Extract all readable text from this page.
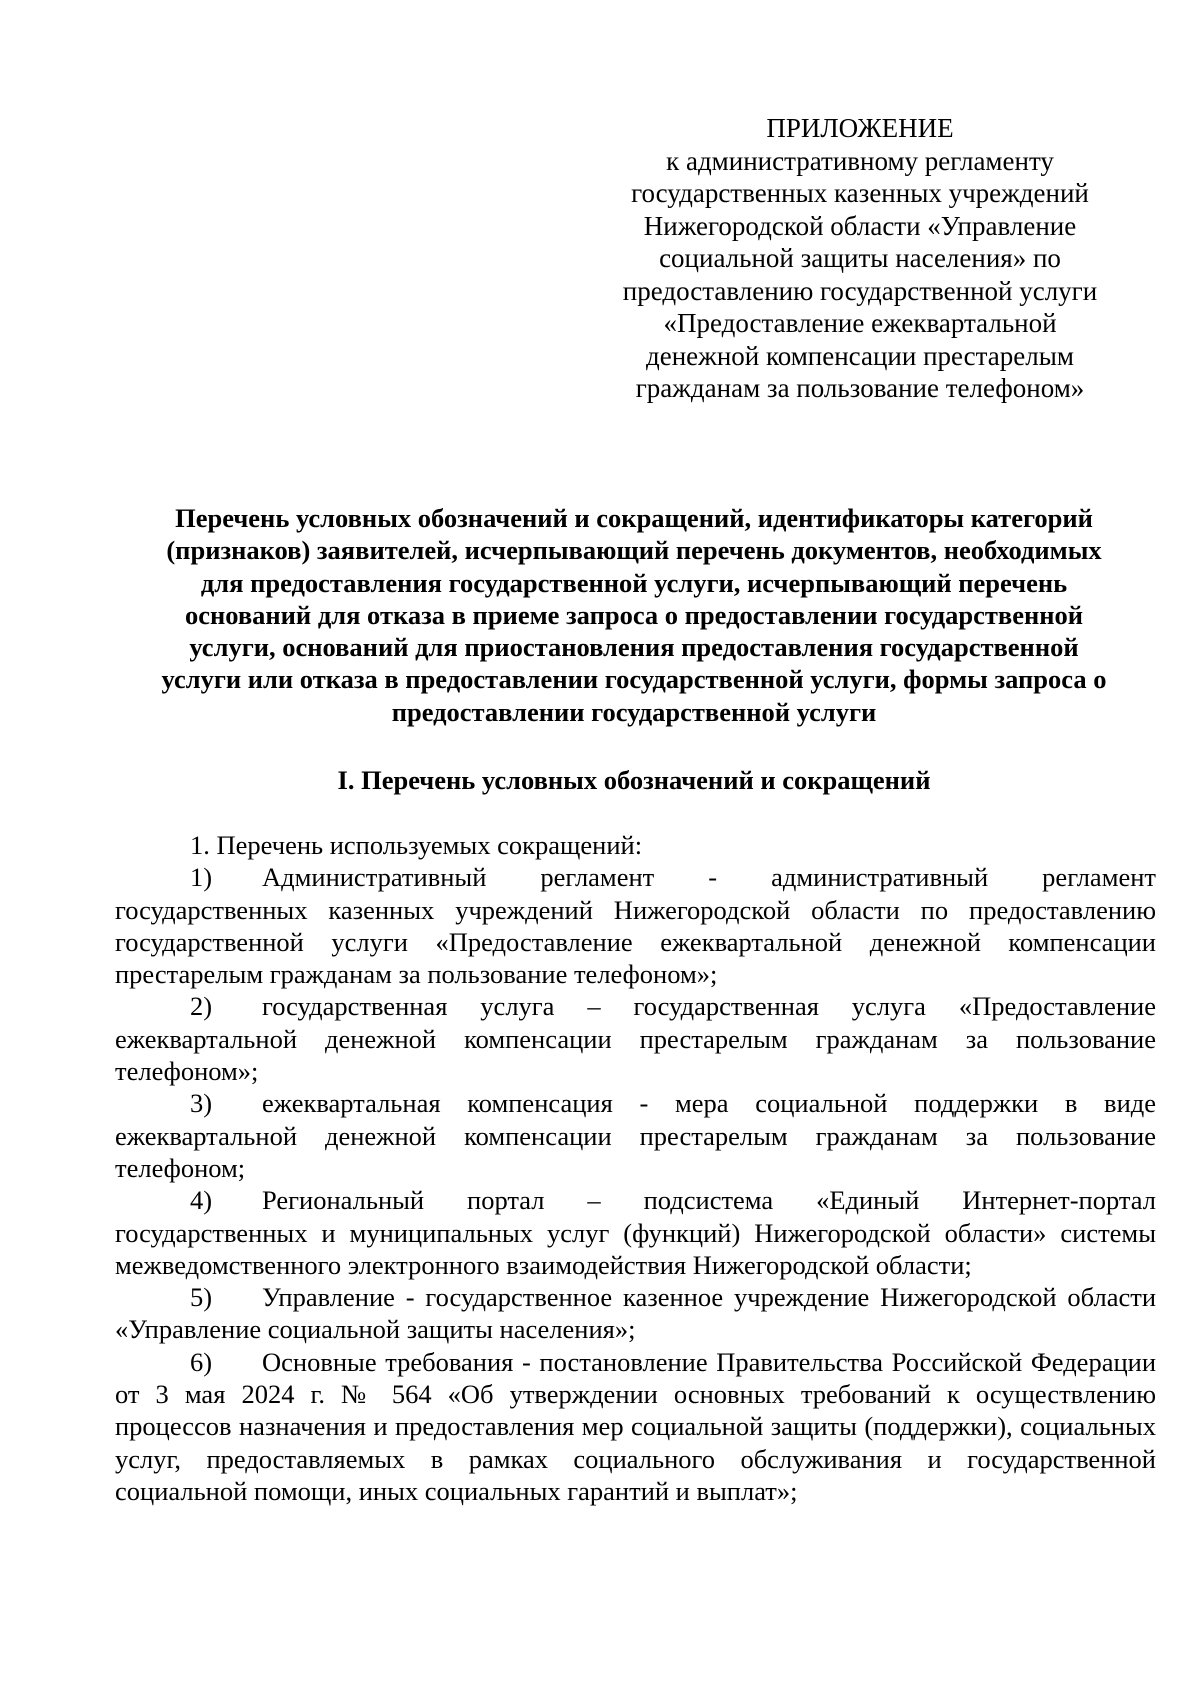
ПРИЛОЖЕНИЕ
к административному регламенту
государственных казенных учреждений
Нижегородской области «Управление
социальной защиты населения» по
предоставлению государственной услуги
«Предоставление ежеквартальной
денежной компенсации престарелым
гражданам за пользование телефоном»
Перечень условных обозначений и сокращений, идентификаторы категорий
(признаков) заявителей, исчерпывающий перечень документов, необходимых
для предоставления государственной услуги, исчерпывающий перечень
оснований для отказа в приеме запроса о предоставлении государственной
услуги, оснований для приостановления предоставления государственной
услуги или отказа в предоставлении государственной услуги, формы запроса о
предоставлении государственной услуги
I. Перечень условных обозначений и сокращений
1. Перечень используемых сокращений:
1) Административный регламент - административный регламент государственных казенных учреждений Нижегородской области по предоставлению государственной услуги «Предоставление ежеквартальной денежной компенсации престарелым гражданам за пользование телефоном»;
2) государственная услуга – государственная услуга «Предоставление ежеквартальной денежной компенсации престарелым гражданам за пользование телефоном»;
3) ежеквартальная компенсация - мера социальной поддержки в виде ежеквартальной денежной компенсации престарелым гражданам за пользование телефоном;
4) Региональный портал – подсистема «Единый Интернет-портал государственных и муниципальных услуг (функций) Нижегородской области» системы межведомственного электронного взаимодействия Нижегородской области;
5) Управление - государственное казенное учреждение Нижегородской области «Управление социальной защиты населения»;
6) Основные требования - постановление Правительства Российской Федерации от 3 мая 2024 г. № 564 «Об утверждении основных требований к осуществлению процессов назначения и предоставления мер социальной защиты (поддержки), социальных услуг, предоставляемых в рамках социального обслуживания и государственной социальной помощи, иных социальных гарантий и выплат»;
